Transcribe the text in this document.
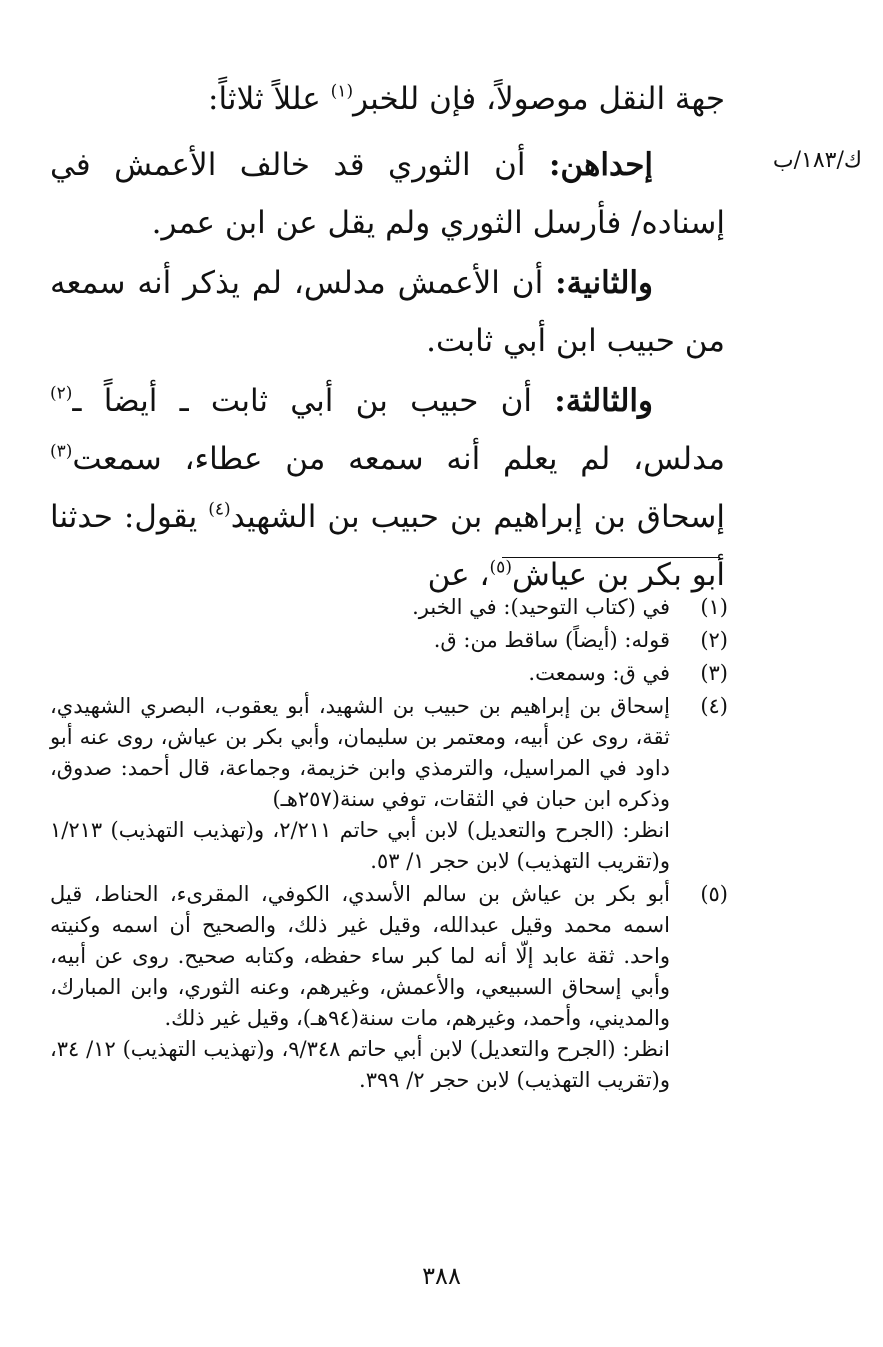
ك/١٨٣/ب

جهة النقل موصولاً، فإن للخبر$^{(١)}$ عللاً ثلاثاً:

إحداهن: أن الثوري قد خالف الأعمش في إسناده/ فأرسل الثوري ولم يقل عن ابن عمر.

والثانية: أن الأعمش مدلس، لم يذكر أنه سمعه من حبيب ابن أبي ثابت.

والثالثة: أن حبيب بن أبي ثابت ـ أيضاً ـ$^{(٢)}$ مدلس، لم يعلم أنه سمعه من عطاء، سمعت$^{(٣)}$ إسحاق بن إبراهيم بن حبيب بن الشهيد$^{(٤)}$ يقول: حدثنا أبو بكر بن عياش$^{(٥)}$، عن

(١)

في (كتاب التوحيد): في الخبر.

(٢)

قوله: (أيضاً) ساقط من: ق.

(٣)

في ق: وسمعت.

(٤)

إسحاق بن إبراهيم بن حبيب بن الشهيد، أبو يعقوب، البصري الشهيدي، ثقة، روى عن أبيه، ومعتمر بن سليمان، وأبي بكر بن عياش، روى عنه أبو داود في المراسيل، والترمذي وابن خزيمة، وجماعة، قال أحمد: صدوق، وذكره ابن حبان في الثقات، توفي سنة(٢٥٧هـ)

انظر: (الجرح والتعديل) لابن أبي حاتم ٢/٢١١، و(تهذيب التهذيب) ١/٢١٣ و(تقريب التهذيب) لابن حجر ١/ ٥٣.

(٥)

أبو بكر بن عياش بن سالم الأسدي، الكوفي، المقرىء، الحناط، قيل اسمه محمد وقيل عبدالله، وقيل غير ذلك، والصحيح أن اسمه وكنيته واحد. ثقة عابد إلّا أنه لما كبر ساء حفظه، وكتابه صحيح. روى عن أبيه، وأبي إسحاق السبيعي، والأعمش، وغيرهم، وعنه الثوري، وابن المبارك، والمديني، وأحمد، وغيرهم، مات سنة(٩٤هـ)، وقيل غير ذلك.

انظر: (الجرح والتعديل) لابن أبي حاتم ٩/٣٤٨، و(تهذيب التهذيب) ١٢/ ٣٤، و(تقريب التهذيب) لابن حجر ٢/ ٣٩٩.

٣٨٨
